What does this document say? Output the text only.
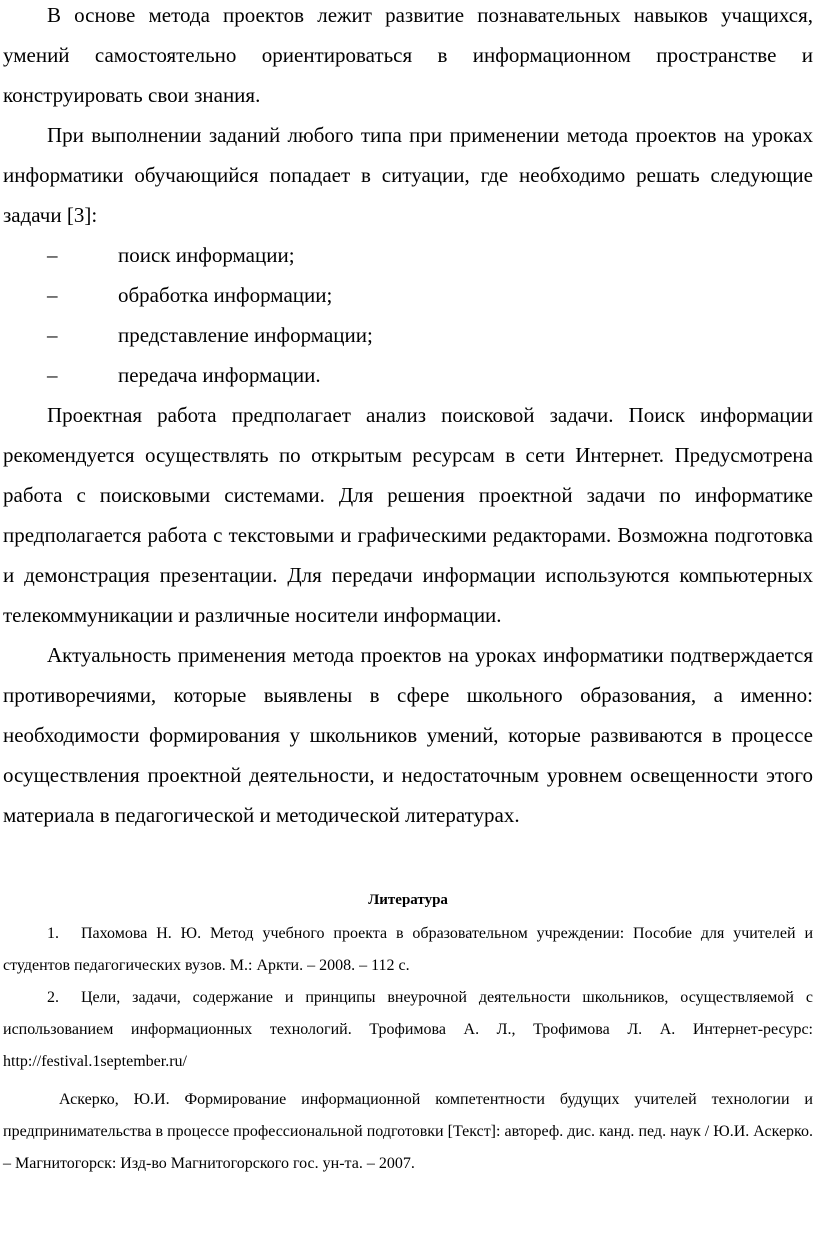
В основе метода проектов лежит развитие познавательных навыков учащихся, умений самостоятельно ориентироваться в информационном пространстве и конструировать свои знания.

При выполнении заданий любого типа при применении метода проектов на уроках информатики обучающийся попадает в ситуации, где необходимо решать следующие задачи [3]:

–	поиск информации;
–	обработка информации;
–	представление информации;
–	передача информации.

Проектная работа предполагает анализ поисковой задачи. Поиск информации рекомендуется осуществлять по открытым ресурсам в сети Интернет. Предусмотрена работа с поисковыми системами. Для решения проектной задачи по информатике предполагается работа с текстовыми и графическими редакторами. Возможна подготовка и демонстрация презентации. Для передачи информации используются компьютерных телекоммуникации и различные носители информации.

Актуальность применения метода проектов на уроках информатики подтверждается противоречиями, которые выявлены в сфере школьного образования, а именно: необходимости формирования у школьников умений, которые развиваются в процессе осуществления проектной деятельности, и недостаточным уровнем освещенности этого материала в педагогической и методической литературах.

Литература

1. Пахомова Н. Ю. Метод учебного проекта в образовательном учреждении: Пособие для учителей и студентов педагогических вузов. М.: Аркти. – 2008. – 112 с.

2. Цели, задачи, содержание и принципы внеурочной деятельности школьников, осуществляемой с использованием информационных технологий. Трофимова А. Л., Трофимова Л. А. Интернет-ресурс: http://festival.1september.ru/

Аскерко, Ю.И. Формирование информационной компетентности будущих учителей технологии и предпринимательства в процессе профессиональной подготовки [Текст]: автореф. дис. канд. пед. наук / Ю.И. Аскерко. – Магнитогорск: Изд-во Магнитогорского гос. ун-та. – 2007.
